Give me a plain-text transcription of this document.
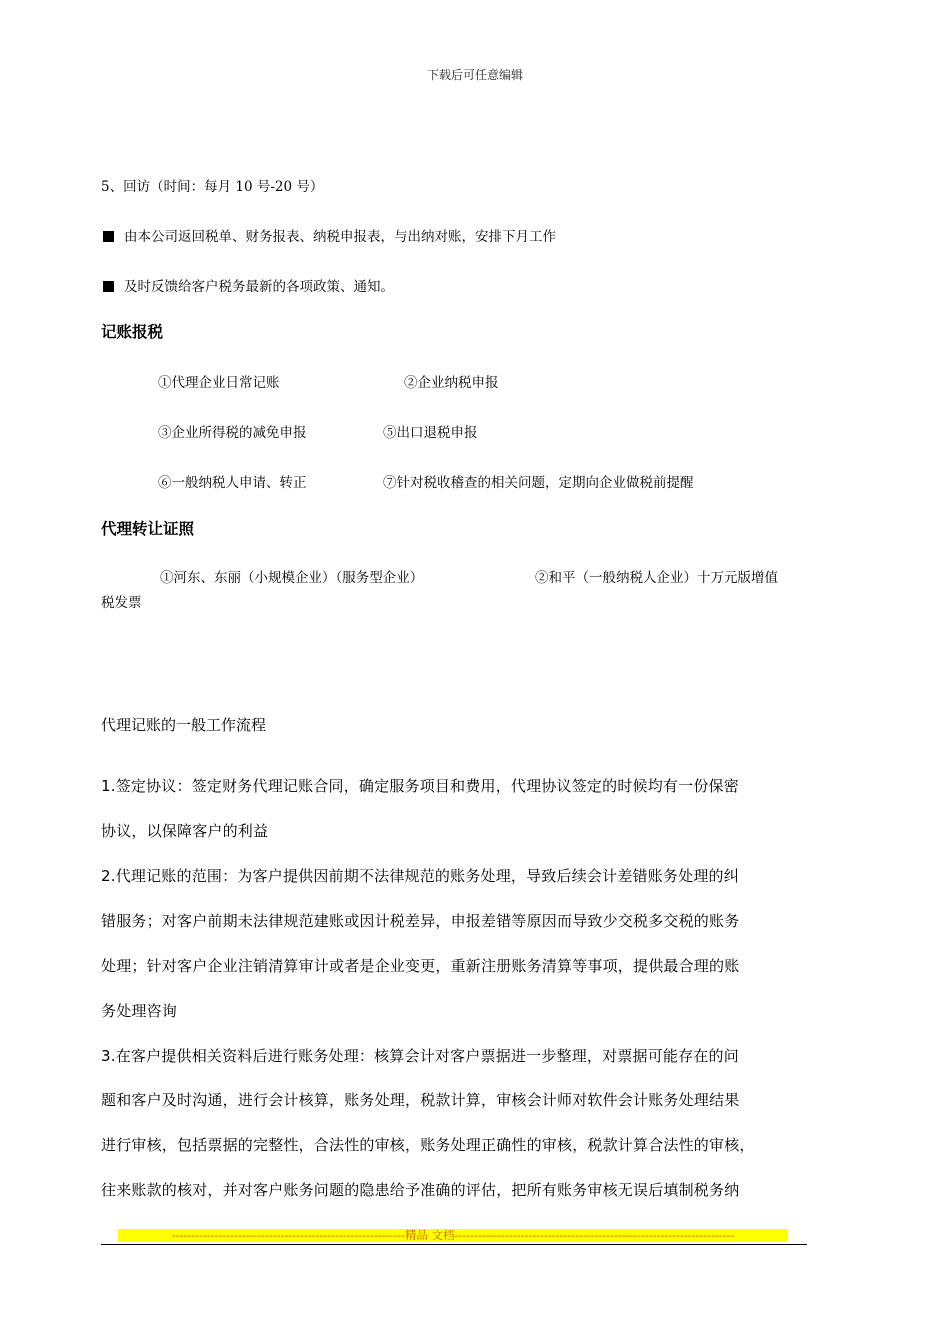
下载后可任意编辑
5、回访（时间：每月 10 号-20 号）
由本公司返回税单、财务报表、纳税申报表，与出纳对账，安排下月工作
及时反馈给客户税务最新的各项政策、通知。
记账报税
①代理企业日常记账	②企业纳税申报
③企业所得税的减免申报	⑤出口退税申报
⑥一般纳税人申请、转正	⑦针对税收稽查的相关问题，定期向企业做税前提醒
代理转让证照
①河东、东丽（小规模企业）（服务型企业）	②和平（一般纳税人企业）十万元版增值
税发票
代理记账的一般工作流程
1.签定协议：签定财务代理记账合同，确定服务项目和费用，代理协议签定的时候均有一份保密
协议，以保障客户的利益
2.代理记账的范围：为客户提供因前期不法律规范的账务处理，导致后续会计差错账务处理的纠
错服务；对客户前期未法律规范建账或因计税差异，申报差错等原因而导致少交税多交税的账务
处理；针对客户企业注销清算审计或者是企业变更，重新注册账务清算等事项，提供最合理的账
务处理咨询
3.在客户提供相关资料后进行账务处理：核算会计对客户票据进一步整理，对票据可能存在的问
题和客户及时沟通，进行会计核算，账务处理，税款计算，审核会计师对软件会计账务处理结果
进行审核，包括票据的完整性，合法性的审核，账务处理正确性的审核，税款计算合法性的审核，
往来账款的核对，并对客户账务问题的隐患给予准确的评估，把所有账务审核无误后填制税务纳
------------------------------------------------------------精品 文档------------------------------------------------------------------------
